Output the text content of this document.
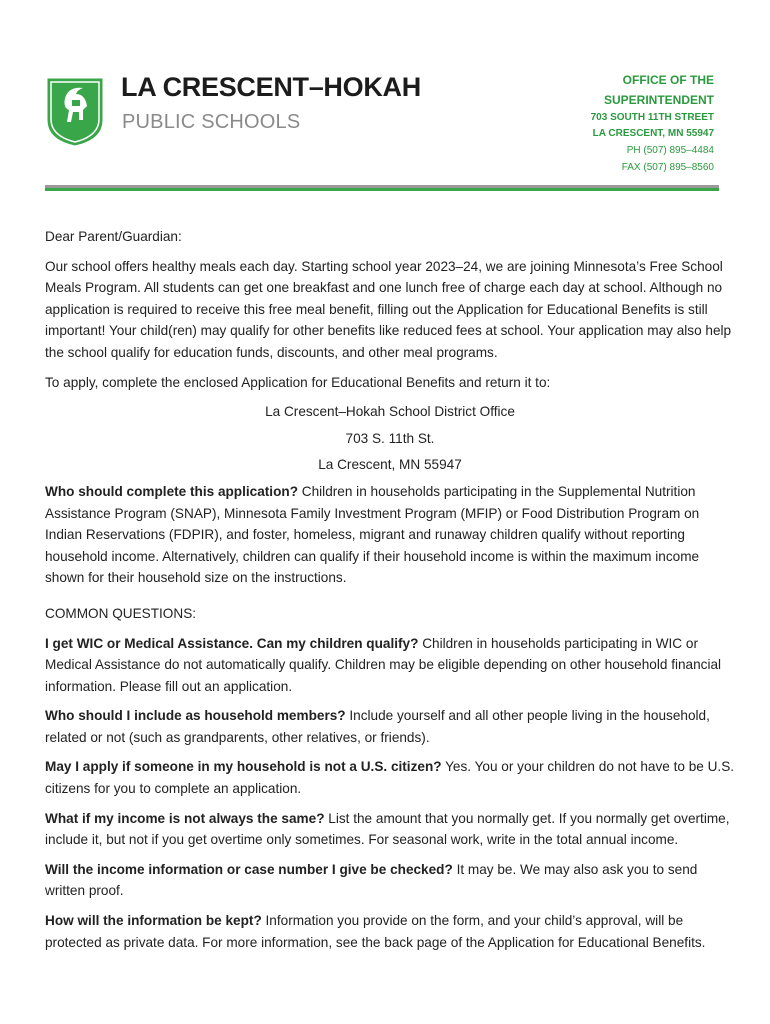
LA CRESCENT–HOKAH
PUBLIC SCHOOLS
OFFICE OF THE
SUPERINTENDENT
703 SOUTH 11TH STREET
LA CRESCENT, MN 55947
PH (507) 895–4484
FAX (507) 895–8560

Dear Parent/Guardian:

Our school offers healthy meals each day. Starting school year 2023–24, we are joining Minnesota’s Free School Meals Program. All students can get one breakfast and one lunch free of charge each day at school. Although no application is required to receive this free meal benefit, filling out the Application for Educational Benefits is still important! Your child(ren) may qualify for other benefits like reduced fees at school. Your application may also help the school qualify for education funds, discounts, and other meal programs.

To apply, complete the enclosed Application for Educational Benefits and return it to:

La Crescent–Hokah School District Office
703 S. 11th St.
La Crescent, MN 55947

Who should complete this application? Children in households participating in the Supplemental Nutrition Assistance Program (SNAP), Minnesota Family Investment Program (MFIP) or Food Distribution Program on Indian Reservations (FDPIR), and foster, homeless, migrant and runaway children qualify without reporting household income. Alternatively, children can qualify if their household income is within the maximum income shown for their household size on the instructions.

COMMON QUESTIONS:

I get WIC or Medical Assistance. Can my children qualify? Children in households participating in WIC or Medical Assistance do not automatically qualify. Children may be eligible depending on other household financial information. Please fill out an application.

Who should I include as household members? Include yourself and all other people living in the household, related or not (such as grandparents, other relatives, or friends).

May I apply if someone in my household is not a U.S. citizen? Yes. You or your children do not have to be U.S. citizens for you to complete an application.

What if my income is not always the same? List the amount that you normally get. If you normally get overtime, include it, but not if you get overtime only sometimes. For seasonal work, write in the total annual income.

Will the income information or case number I give be checked? It may be. We may also ask you to send written proof.

How will the information be kept? Information you provide on the form, and your child’s approval, will be protected as private data. For more information, see the back page of the Application for Educational Benefits.
